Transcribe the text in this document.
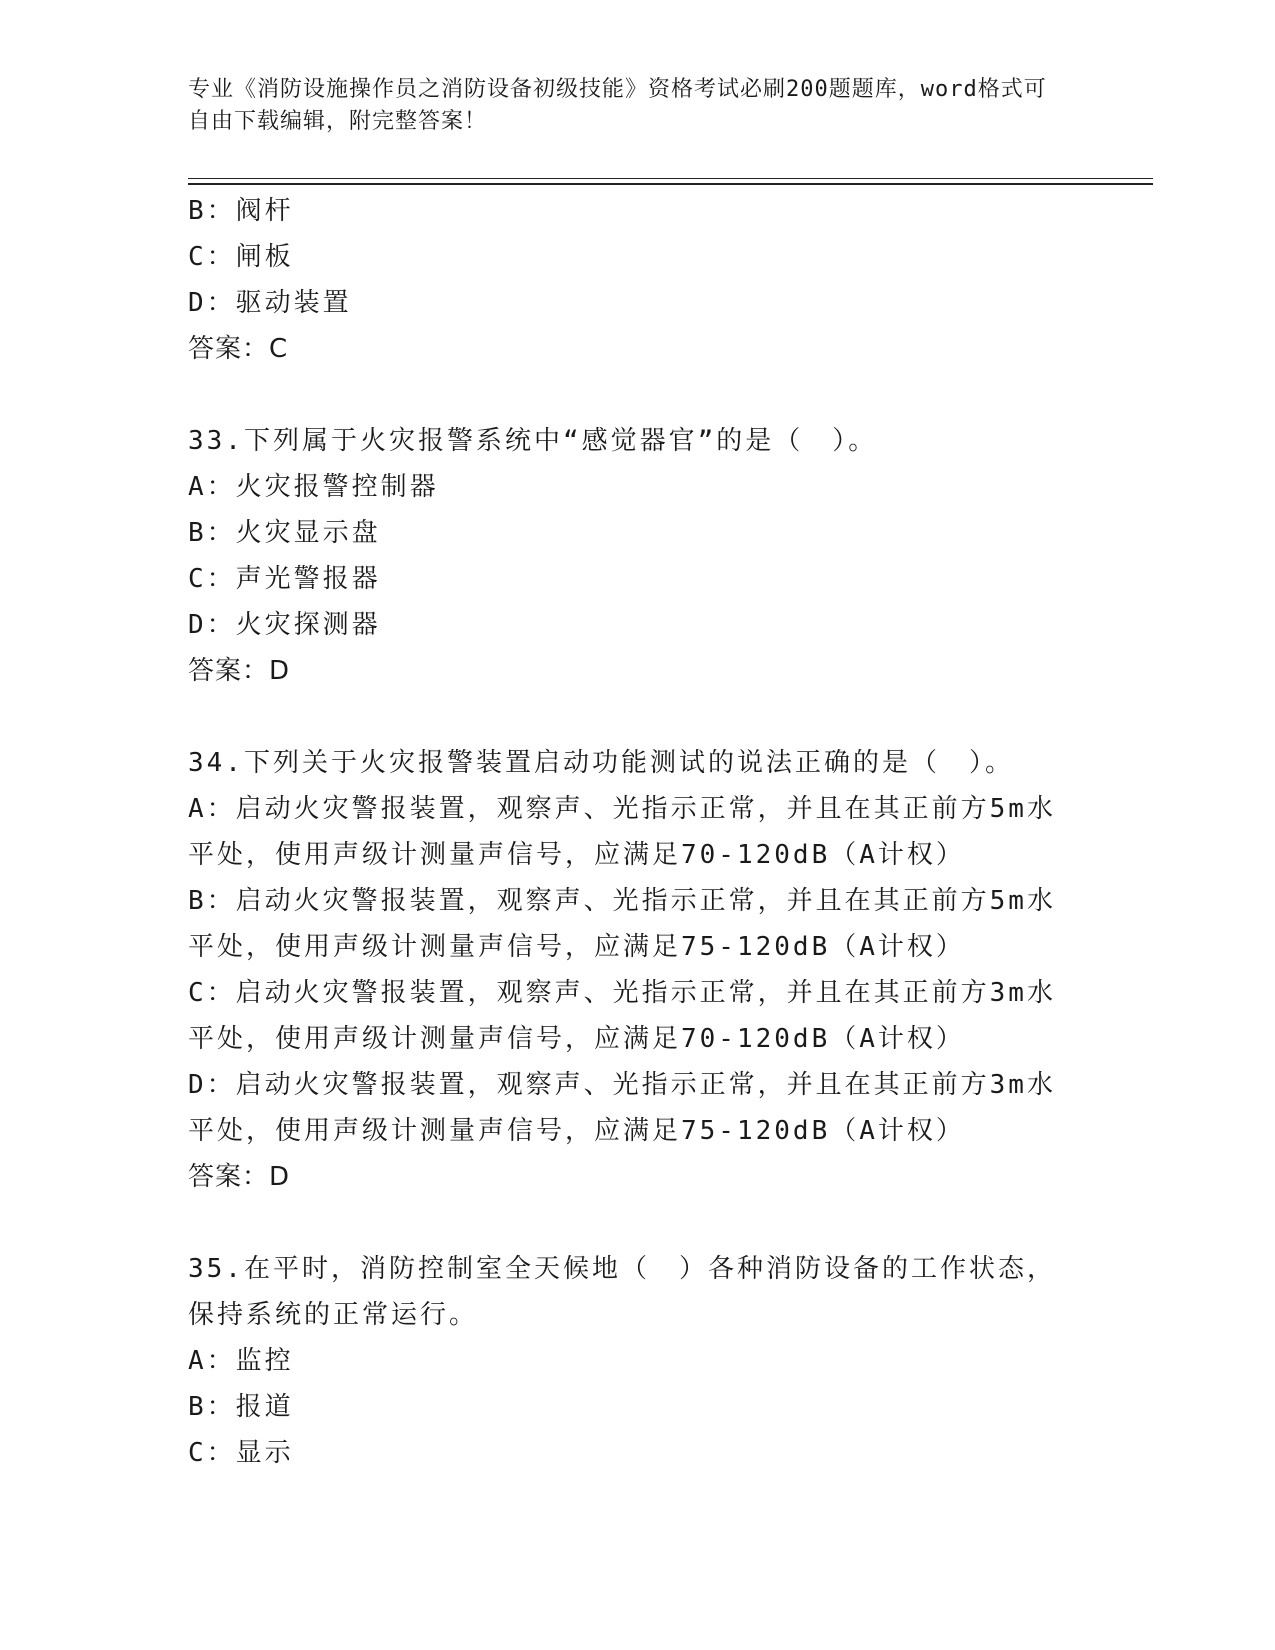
专业《消防设施操作员之消防设备初级技能》资格考试必刷200题题库，word格式可自由下载编辑，附完整答案！

B：阀杆

C：闸板

D：驱动装置

答案：C

33.下列属于火灾报警系统中“感觉器官”的是（　）。

A：火灾报警控制器

B：火灾显示盘

C：声光警报器

D：火灾探测器

答案：D

34.下列关于火灾报警装置启动功能测试的说法正确的是（　）。

A：启动火灾警报装置，观察声、光指示正常，并且在其正前方5m水平处，使用声级计测量声信号，应满足70-120dB（A计权）

B：启动火灾警报装置，观察声、光指示正常，并且在其正前方5m水平处，使用声级计测量声信号，应满足75-120dB（A计权）

C：启动火灾警报装置，观察声、光指示正常，并且在其正前方3m水平处，使用声级计测量声信号，应满足70-120dB（A计权）

D：启动火灾警报装置，观察声、光指示正常，并且在其正前方3m水平处，使用声级计测量声信号，应满足75-120dB（A计权）

答案：D

35.在平时，消防控制室全天候地（　）各种消防设备的工作状态，保持系统的正常运行。

A：监控

B：报道

C：显示
